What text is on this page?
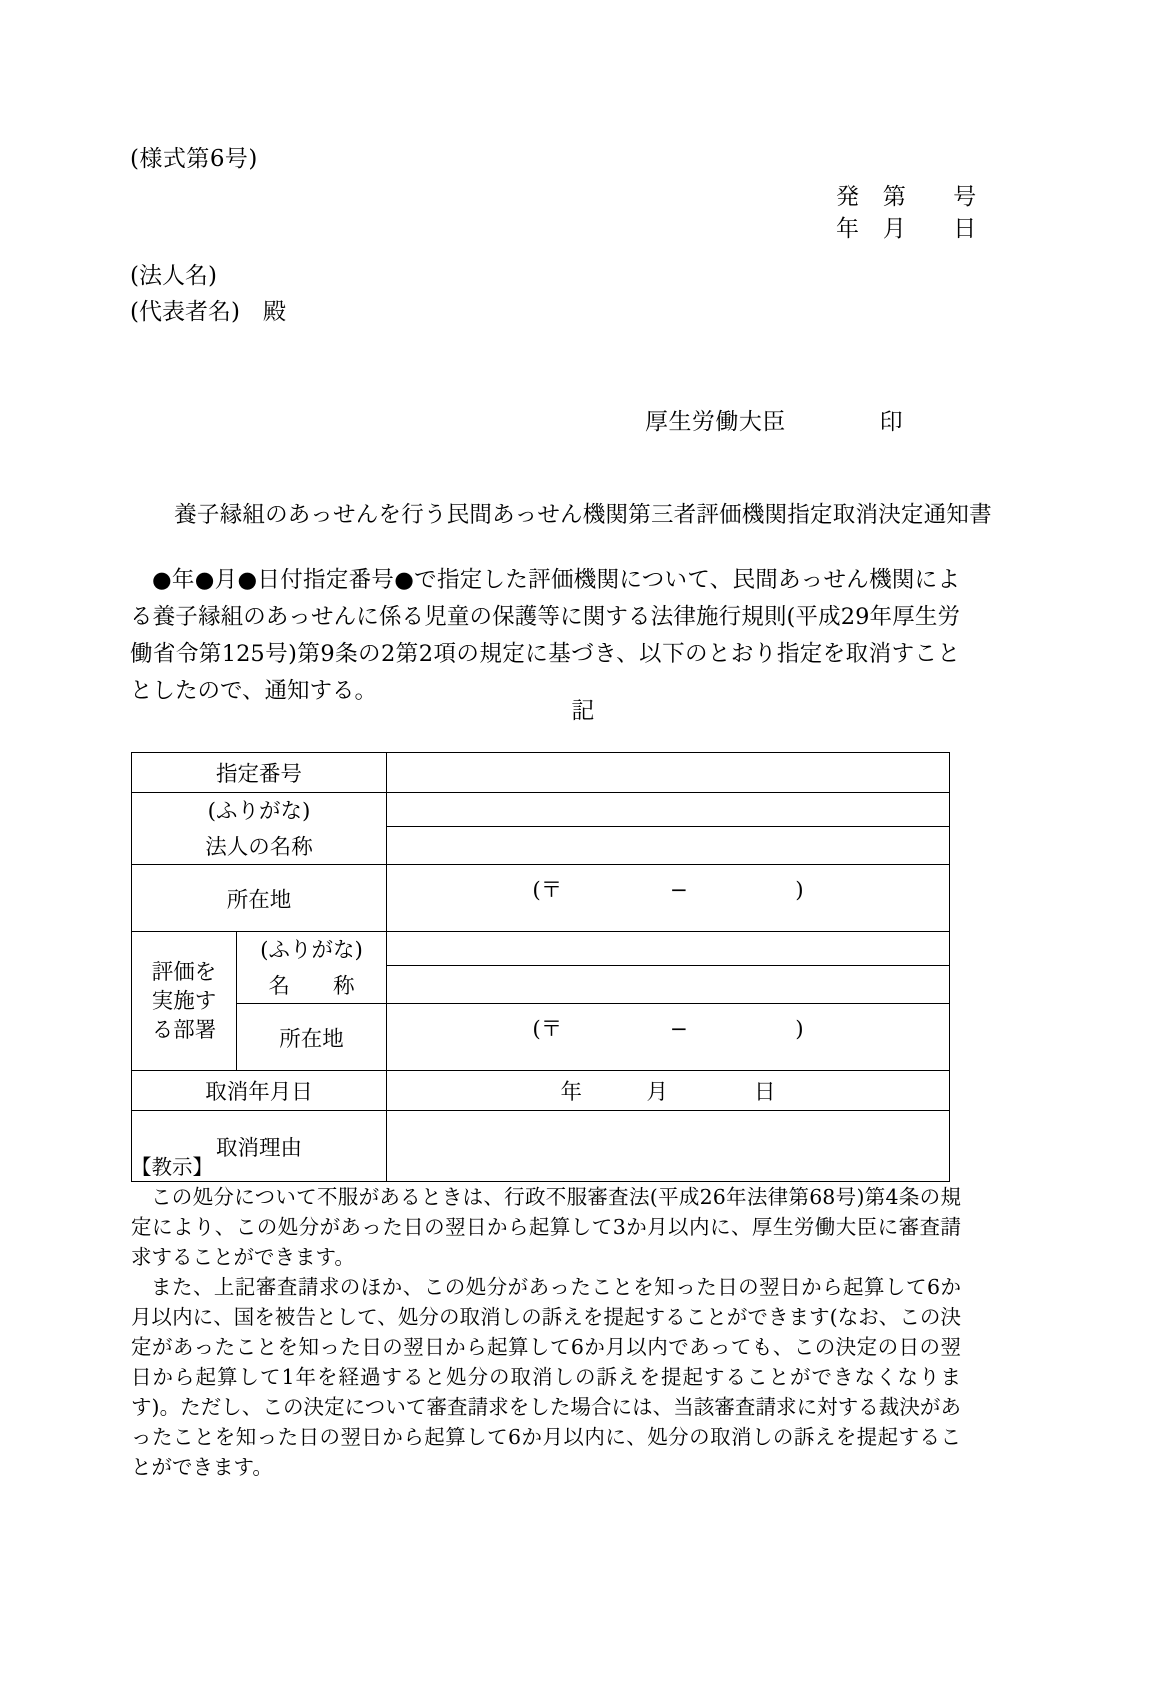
(様式第6号)
発　第　　号
年　月　　日
(法人名)
(代表者名)　殿
厚生労働大臣　　　　印
養子縁組のあっせんを行う民間あっせん機関第三者評価機関指定取消決定通知書
●年●月●日付指定番号●で指定した評価機関について、民間あっせん機関による養子縁組のあっせんに係る児童の保護等に関する法律施行規則(平成29年厚生労働省令第125号)第9条の2第2項の規定に基づき、以下のとおり指定を取消すこととしたので、通知する。
記
指定番号		
(ふりがな)		
法人の名称		
所在地		(〒　　　　　−　　　　　)
評価を
実施す
る部署	(ふりがな)	
	名　　称	
	所在地	(〒　　　　　−　　　　　)
取消年月日		年　　　月　　　　日
取消理由		
【教示】

この処分について不服があるときは、行政不服審査法(平成26年法律第68号)第4条の規定により、この処分があった日の翌日から起算して3か月以内に、厚生労働大臣に審査請求することができます。

また、上記審査請求のほか、この処分があったことを知った日の翌日から起算して6か月以内に、国を被告として、処分の取消しの訴えを提起することができます(なお、この決定があったことを知った日の翌日から起算して6か月以内であっても、この決定の日の翌日から起算して1年を経過すると処分の取消しの訴えを提起することができなくなります)。ただし、この決定について審査請求をした場合には、当該審査請求に対する裁決があったことを知った日の翌日から起算して6か月以内に、処分の取消しの訴えを提起することができます。
